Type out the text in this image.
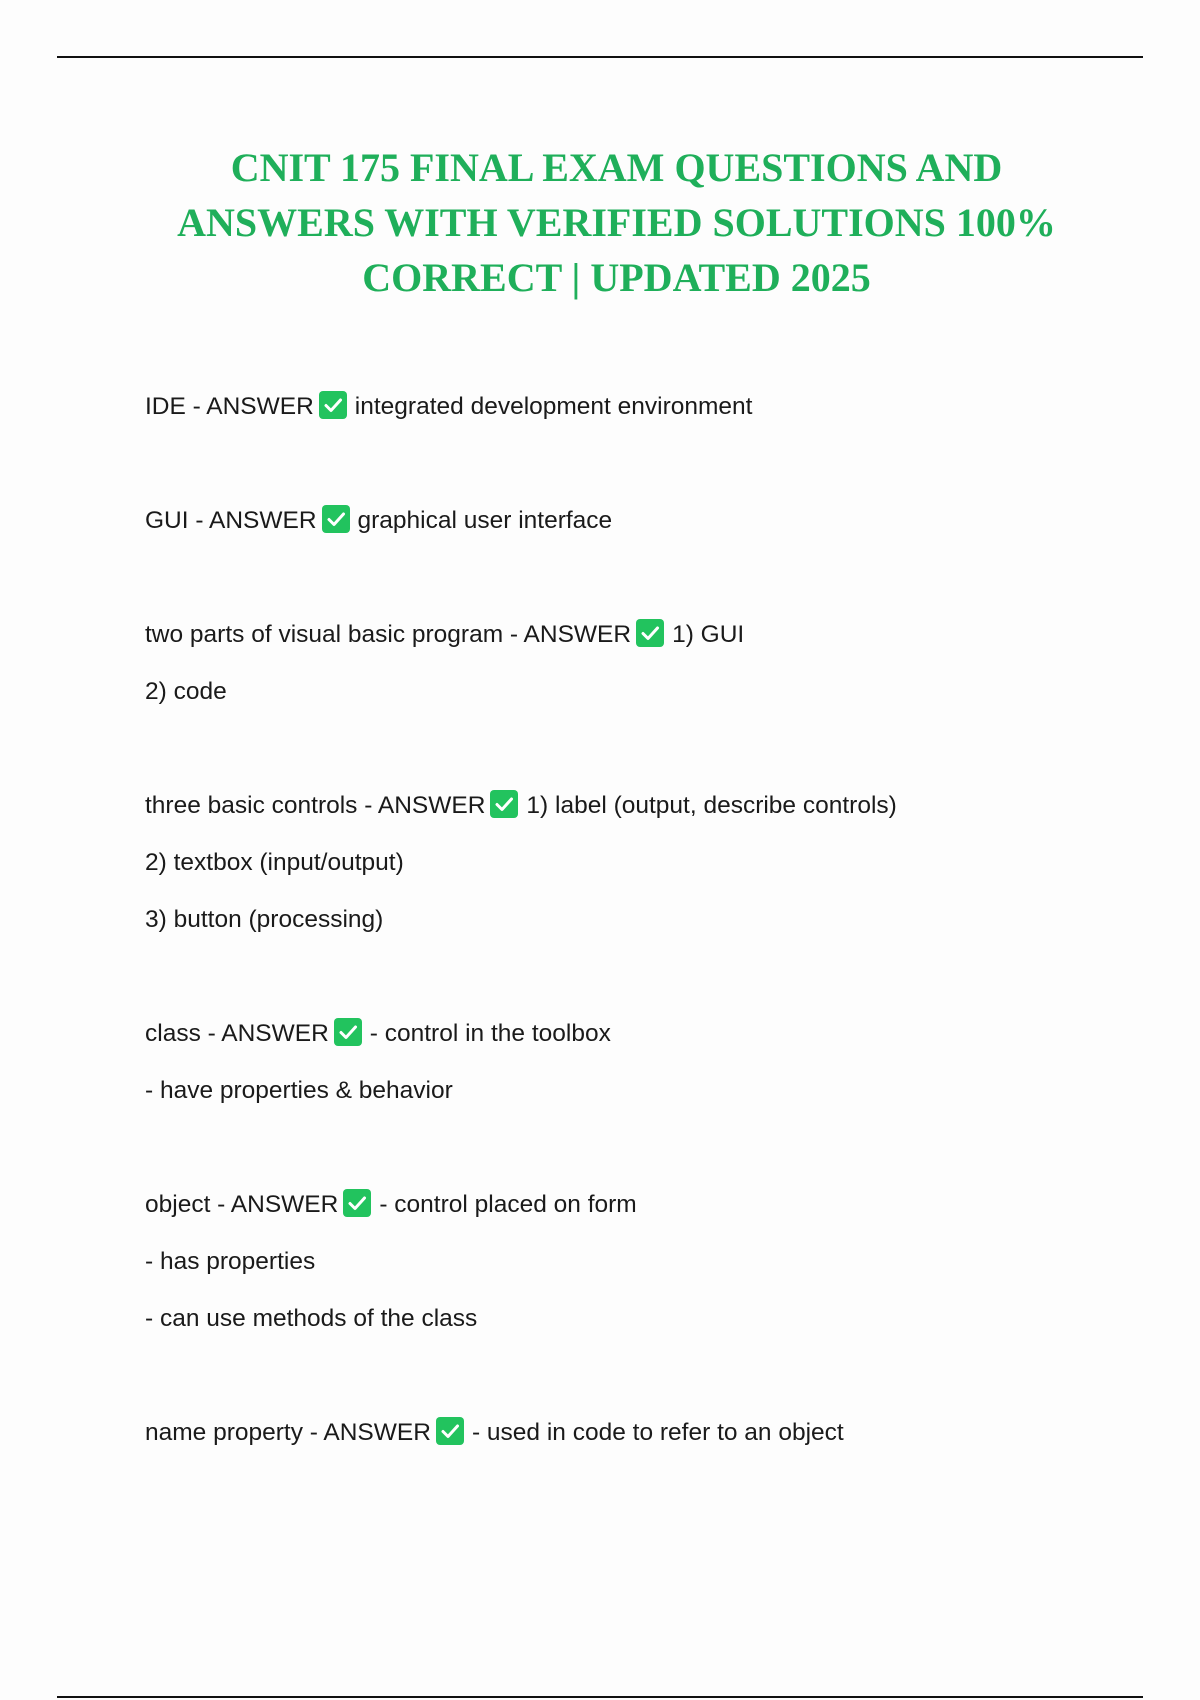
CNIT 175 FINAL EXAM QUESTIONS AND
ANSWERS WITH VERIFIED SOLUTIONS 100%
CORRECT | UPDATED 2025
IDE - ANSWER integrated development environment
GUI - ANSWER graphical user interface
two parts of visual basic program - ANSWER 1) GUI
2) code
three basic controls - ANSWER 1) label (output, describe controls)
2) textbox (input/output)
3) button (processing)
class - ANSWER - control in the toolbox
- have properties & behavior
object - ANSWER - control placed on form
- has properties
- can use methods of the class
name property - ANSWER - used in code to refer to an object
